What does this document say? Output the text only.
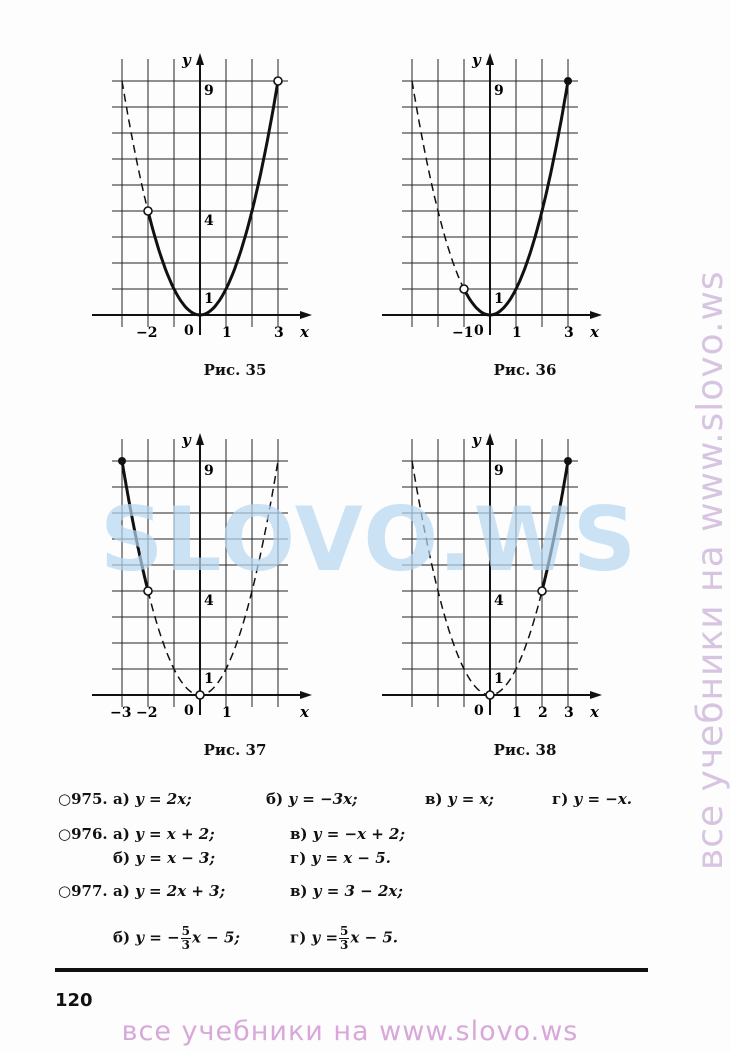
x
y
0
1
4
9
−2	1	3
Рис. 35
x
y
0
1
9
−1	1	3
Рис. 36
x
y
0
1
4
9
−3 −2	1
Рис. 37
x
y
0
1
4
9
1 2 3
Рис. 38
SLOVO.WS
○975. а) y = 2x;	б) y = −3x;	в) y = x;	г) y = −x.
○976. а) y = x + 2;	в) y = −x + 2;
б) y = x − 3;	г) y = x − 5.
○977. а) y = 2x + 3;	в) y = 3 − 2x;
б) y = − $\frac{5}{3}$ x − 5;	г) $y = \frac{5}{3}$ x − 5.
120
все учебники на www.slovo.ws
все учебники на www.slovo.ws
